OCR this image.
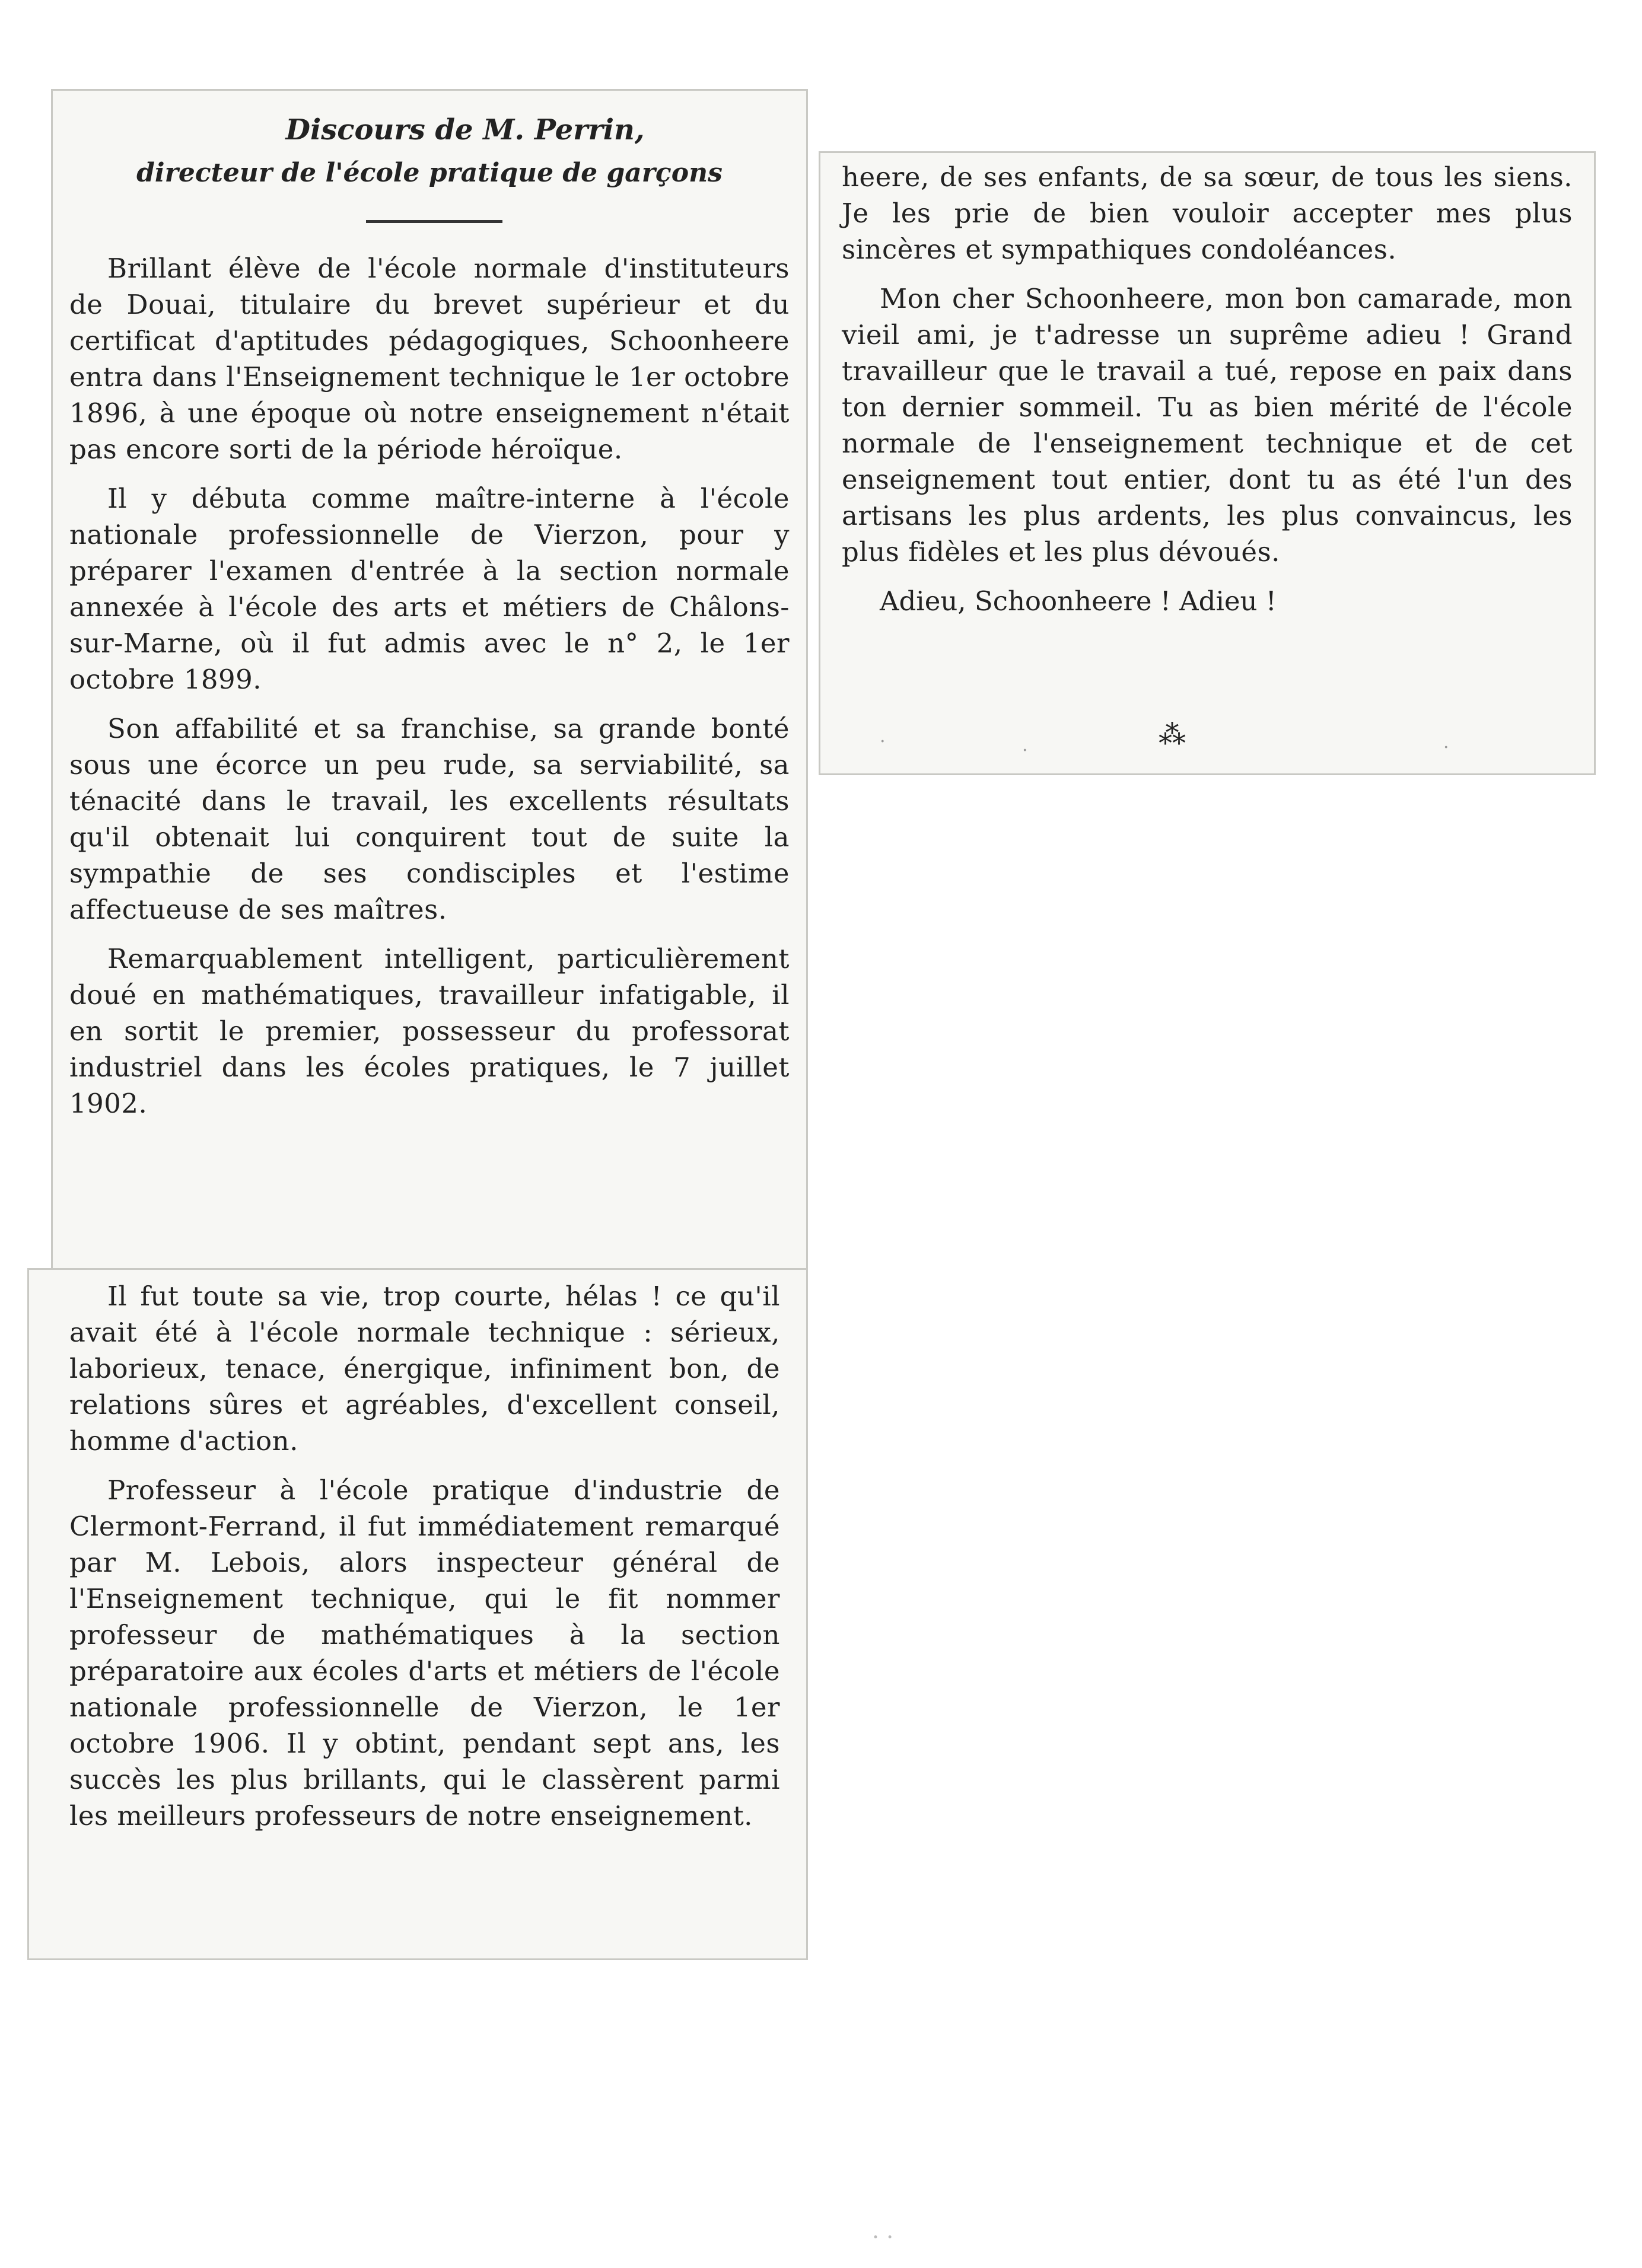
Discours de M. Perrin,
directeur de l'école pratique de garçons

Brillant élève de l'école normale d'instituteurs de Douai, titulaire du brevet supérieur et du certificat d'aptitudes pédagogiques, Schoonheere entra dans l'Enseignement technique le 1er octobre 1896, à une époque où notre enseignement n'était pas encore sorti de la période héroïque.

Il y débuta comme maître-interne à l'école nationale professionnelle de Vierzon, pour y préparer l'examen d'entrée à la section normale annexée à l'école des arts et métiers de Châlons-sur-Marne, où il fut admis avec le n° 2, le 1er octobre 1899.

Son affabilité et sa franchise, sa grande bonté sous une écorce un peu rude, sa serviabilité, sa ténacité dans le travail, les excellents résultats qu'il obtenait lui conquirent tout de suite la sympathie de ses condisciples et l'estime affectueuse de ses maîtres.

Remarquablement intelligent, particulièrement doué en mathématiques, travailleur infatigable, il en sortit le premier, possesseur du professorat industriel dans les écoles pratiques, le 7 juillet 1902.

Il fut toute sa vie, trop courte, hélas ! ce qu'il avait été à l'école normale technique : sérieux, laborieux, tenace, énergique, infiniment bon, de relations sûres et agréables, d'excellent conseil, homme d'action.

Professeur à l'école pratique d'industrie de Clermont-Ferrand, il fut immédiatement remarqué par M. Lebois, alors inspecteur général de l'Enseignement technique, qui le fit nommer professeur de mathématiques à la section préparatoire aux écoles d'arts et métiers de l'école nationale professionnelle de Vierzon, le 1er octobre 1906. Il y obtint, pendant sept ans, les succès les plus brillants, qui le classèrent parmi les meilleurs professeurs de notre enseignement.

heere, de ses enfants, de sa sœur, de tous les siens. Je les prie de bien vouloir accepter mes plus sincères et sympathiques condoléances.

Mon cher Schoonheere, mon bon camarade, mon vieil ami, je t'adresse un suprême adieu ! Grand travailleur que le travail a tué, repose en paix dans ton dernier sommeil. Tu as bien mérité de l'école normale de l'enseignement technique et de cet enseignement tout entier, dont tu as été l'un des artisans les plus ardents, les plus convaincus, les plus fidèles et les plus dévoués.

Adieu, Schoonheere ! Adieu !

⁂
·	·	·
· ·
